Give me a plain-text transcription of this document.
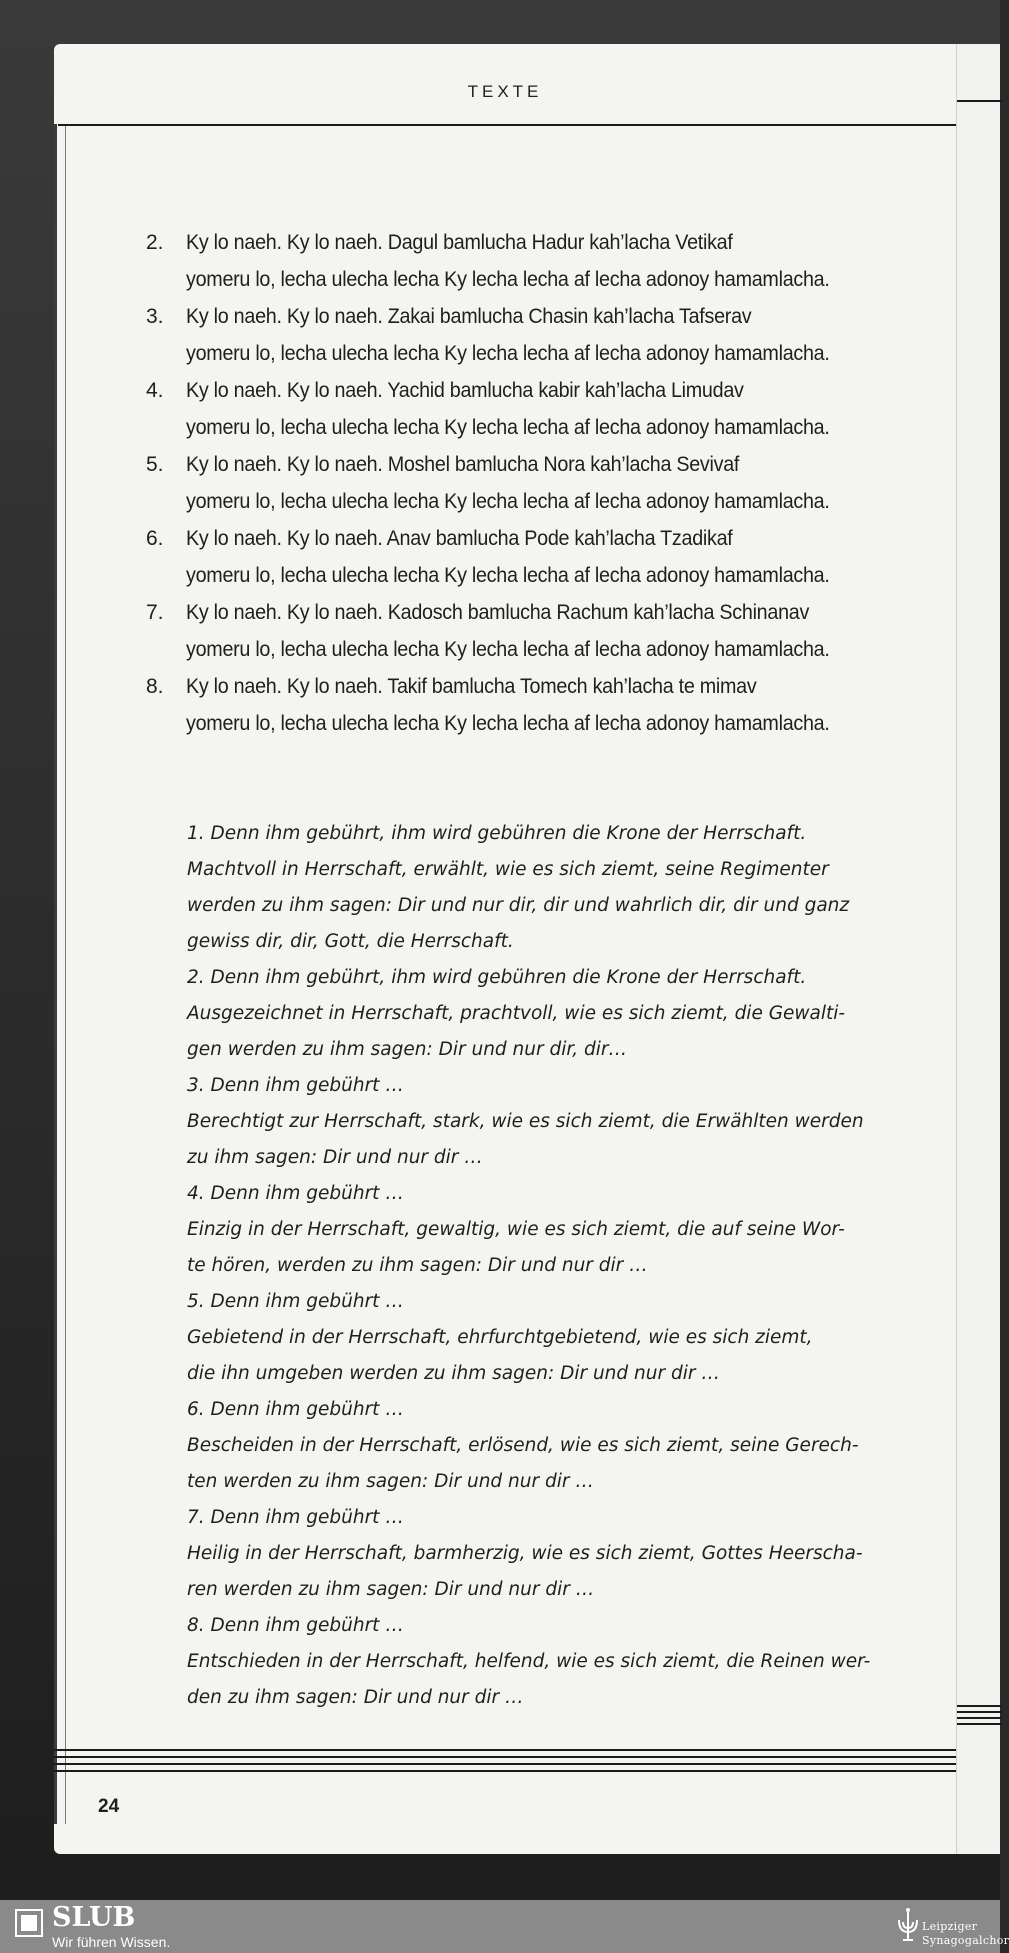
TEXTE
2.	Ky lo naeh. Ky lo naeh. Dagul bamlucha Hadur kah’lacha Vetikaf
yomeru lo, lecha ulecha lecha Ky lecha lecha af lecha adonoy hamamlacha.
3.	Ky lo naeh. Ky lo naeh. Zakai bamlucha Chasin kah’lacha Tafserav
yomeru lo, lecha ulecha lecha Ky lecha lecha af lecha adonoy hamamlacha.
4.	Ky lo naeh. Ky lo naeh. Yachid bamlucha kabir kah’lacha Limudav
yomeru lo, lecha ulecha lecha Ky lecha lecha af lecha adonoy hamamlacha.
5.	Ky lo naeh. Ky lo naeh. Moshel bamlucha Nora kah’lacha Sevivaf
yomeru lo, lecha ulecha lecha Ky lecha lecha af lecha adonoy hamamlacha.
6.	Ky lo naeh. Ky lo naeh. Anav bamlucha Pode kah’lacha Tzadikaf
yomeru lo, lecha ulecha lecha Ky lecha lecha af lecha adonoy hamamlacha.
7.	Ky lo naeh. Ky lo naeh. Kadosch bamlucha Rachum kah’lacha Schinanav
yomeru lo, lecha ulecha lecha Ky lecha lecha af lecha adonoy hamamlacha.
8.	Ky lo naeh. Ky lo naeh. Takif bamlucha Tomech kah’lacha te mimav
yomeru lo, lecha ulecha lecha Ky lecha lecha af lecha adonoy hamamlacha.
1. Denn ihm gebührt, ihm wird gebühren die Krone der Herrschaft.
Machtvoll in Herrschaft, erwählt, wie es sich ziemt, seine Regimenter
werden zu ihm sagen: Dir und nur dir, dir und wahrlich dir, dir und ganz
gewiss dir, dir, Gott, die Herrschaft.
2. Denn ihm gebührt, ihm wird gebühren die Krone der Herrschaft.
Ausgezeichnet in Herrschaft, prachtvoll, wie es sich ziemt, die Gewalti-
gen werden zu ihm sagen: Dir und nur dir, dir…
3. Denn ihm gebührt …
Berechtigt zur Herrschaft, stark, wie es sich ziemt, die Erwählten werden
zu ihm sagen: Dir und nur dir …
4. Denn ihm gebührt …
Einzig in der Herrschaft, gewaltig, wie es sich ziemt, die auf seine Wor-
te hören, werden zu ihm sagen: Dir und nur dir …
5. Denn ihm gebührt …
Gebietend in der Herrschaft, ehrfurchtgebietend, wie es sich ziemt,
die ihn umgeben werden zu ihm sagen: Dir und nur dir …
6. Denn ihm gebührt …
Bescheiden in der Herrschaft, erlösend, wie es sich ziemt, seine Gerech-
ten werden zu ihm sagen: Dir und nur dir …
7. Denn ihm gebührt …
Heilig in der Herrschaft, barmherzig, wie es sich ziemt, Gottes Heerscha-
ren werden zu ihm sagen: Dir und nur dir …
8. Denn ihm gebührt …
Entschieden in der Herrschaft, helfend, wie es sich ziemt, die Reinen wer-
den zu ihm sagen: Dir und nur dir …
24
SLUB
Wir führen Wissen.
Leipziger
Synagogalchor
